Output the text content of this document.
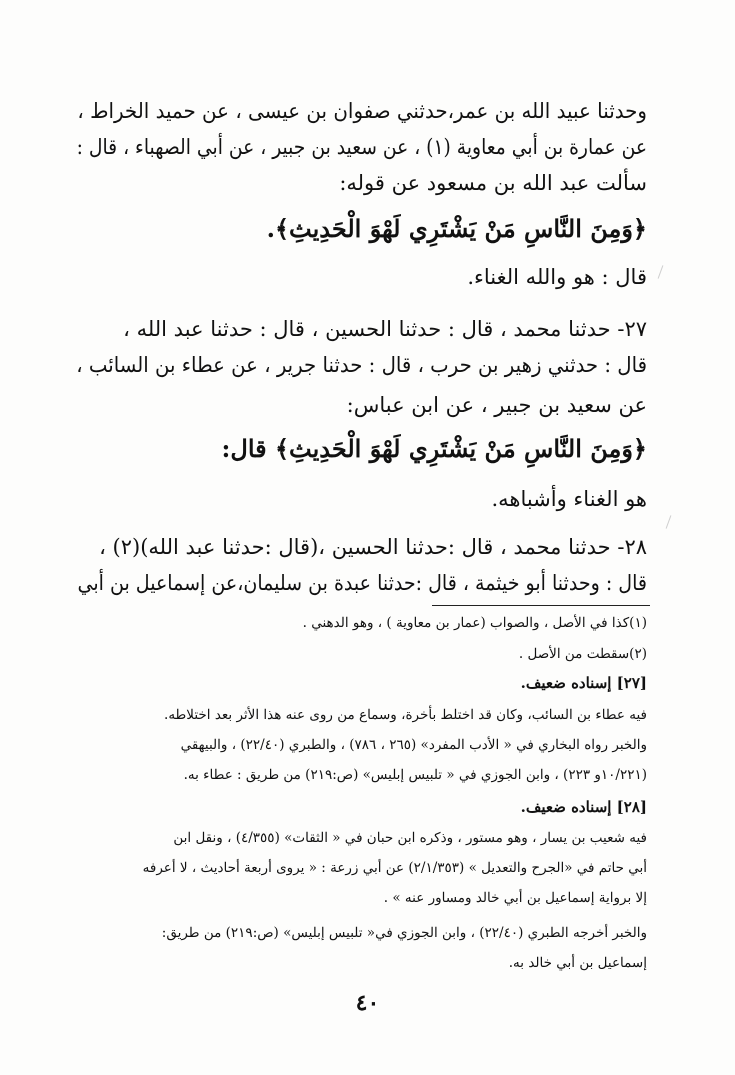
وحدثنا عبيد الله بن عمر،حدثني صفوان بن عيسى ، عن حميد الخراط ،
عن عمارة بن أبي معاوية (١) ، عن سعيد بن جبير ، عن أبي الصهباء ، قال :
سألت عبد الله بن مسعود عن قوله:
﴿وَمِنَ النَّاسِ مَنْ يَشْتَرِي لَهْوَ الْحَدِيثِ﴾.
قال : هو والله الغناء.
٢٧- حدثنا محمد ، قال : حدثنا الحسين ، قال : حدثنا عبد الله ،
قال : حدثني زهير بن حرب ، قال : حدثنا جرير ، عن عطاء بن السائب ،
عن سعيد بن جبير ، عن ابن عباس:
﴿وَمِنَ النَّاسِ مَنْ يَشْتَرِي لَهْوَ الْحَدِيثِ﴾ قال:
هو الغناء وأشباهه.
٢٨- حدثنا محمد ، قال :حدثنا الحسين ،(قال :حدثنا عبد الله)(٢) ،
قال : وحدثنا أبو خيثمة ، قال :حدثنا عبدة بن سليمان،عن إسماعيل بن أبي
(١)كذا في الأصل ، والصواب (عمار بن معاوية ) ، وهو الدهني .
(٢)سقطت من الأصل .
[٢٧] إسناده ضعيف.
فيه عطاء بن السائب، وكان قد اختلط بأخرة، وسماع من روى عنه هذا الأثر بعد اختلاطه.
والخبر رواه البخاري في « الأدب المفرد» (٢٦٥ ، ٧٨٦) ، والطبري (٢٢/٤٠) ، والبيهقي
(١٠/٢٢١و ٢٢٣) ، وابن الجوزي في « تلبيس إبليس» (ص:٢١٩) من طريق : عطاء به.
[٢٨] إسناده ضعيف.
فيه شعيب بن يسار ، وهو مستور ، وذكره ابن حبان في « الثقات» (٤/٣٥٥) ، ونقل ابن
أبي حاتم في «الجرح والتعديل » (٢/١/٣٥٣) عن أبي زرعة : « يروى أربعة أحاديث ، لا أعرفه
إلا برواية إسماعيل بن أبي خالد ومساور عنه » .
والخبر أخرجه الطبري (٢٢/٤٠) ، وابن الجوزي في« تلبيس إبليس» (ص:٢١٩) من طريق:
إسماعيل بن أبي خالد به.
٤٠
